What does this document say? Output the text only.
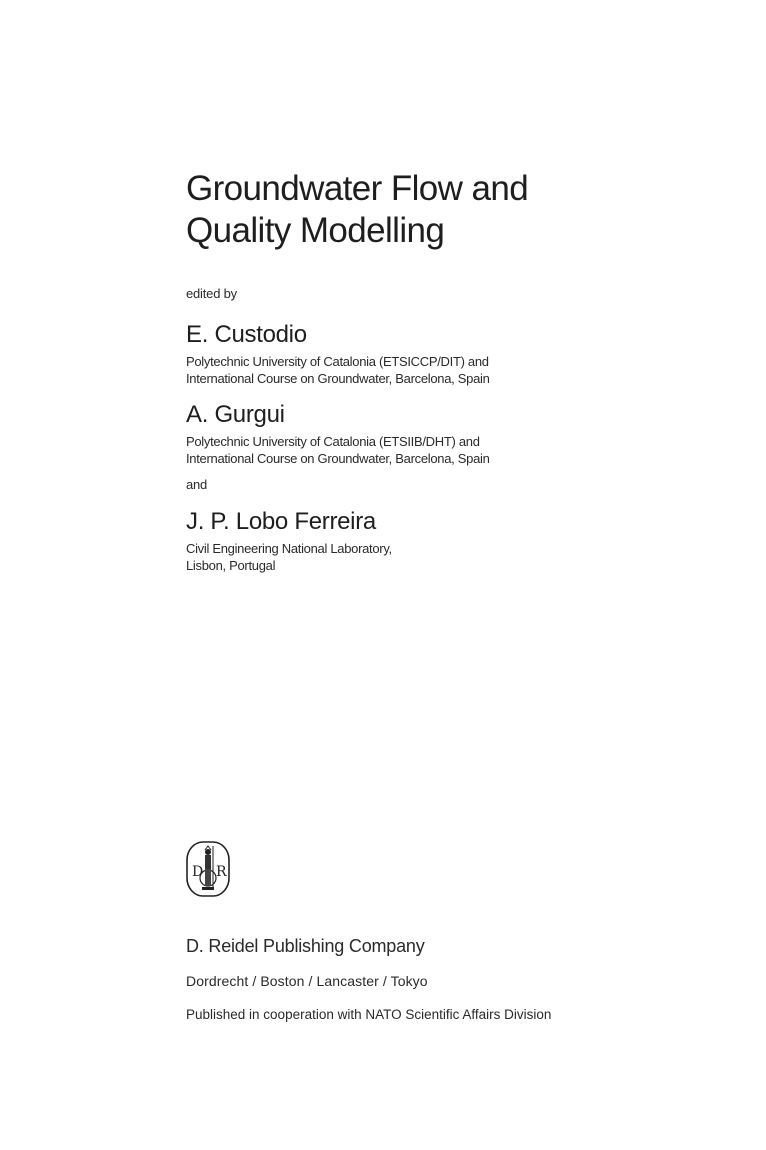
Groundwater Flow and
Quality Modelling
edited by
E. Custodio
Polytechnic University of Catalonia (ETSICCP/DIT) and
International Course on Groundwater, Barcelona, Spain
A. Gurgui
Polytechnic University of Catalonia (ETSIIB/DHT) and
International Course on Groundwater, Barcelona, Spain
and
J. P. Lobo Ferreira
Civil Engineering National Laboratory,
Lisbon, Portugal
D R
D. Reidel Publishing Company
Dordrecht / Boston / Lancaster / Tokyo
Published in cooperation with NATO Scientific Affairs Division
